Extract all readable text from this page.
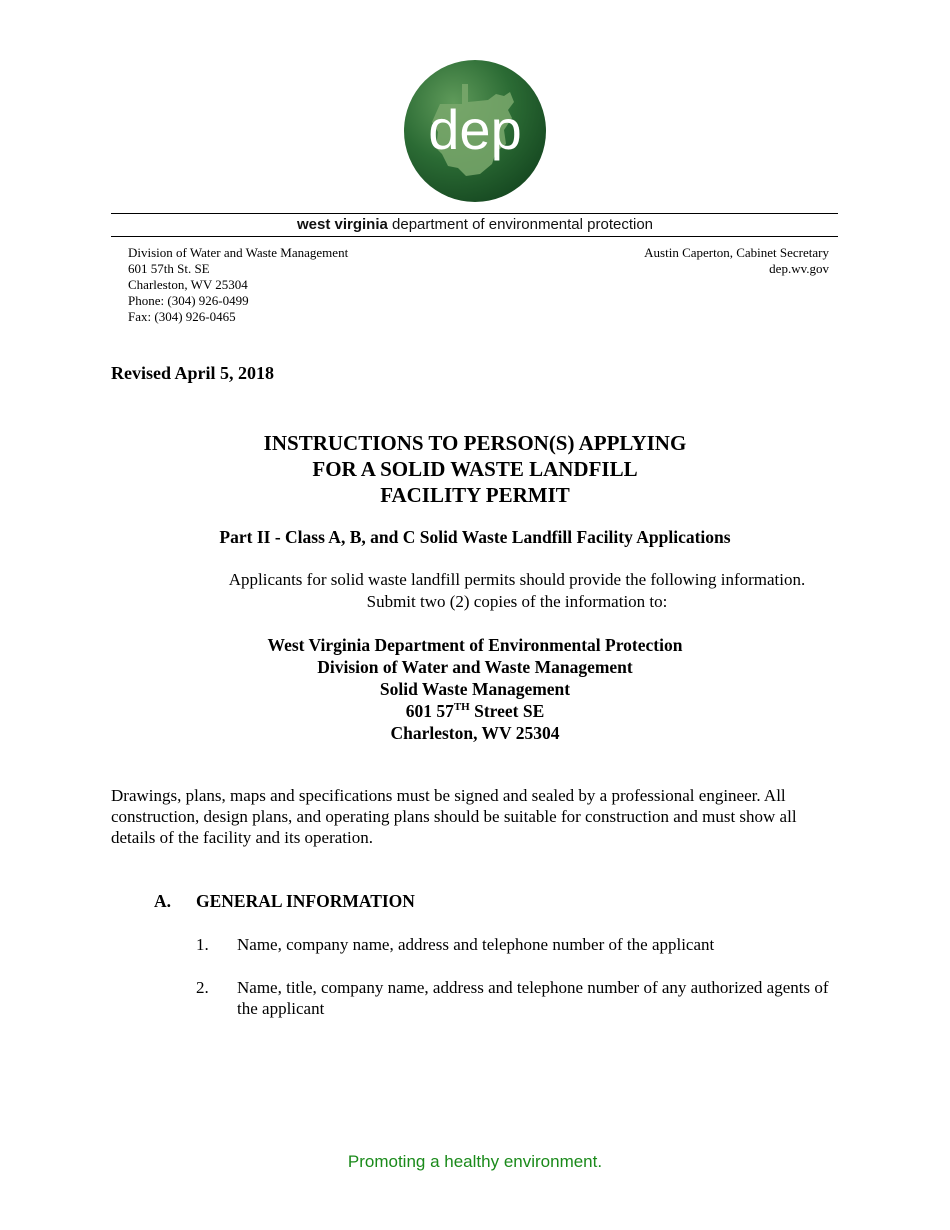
dep
west virginia department of environmental protection
Division of Water and Waste Management
601 57th St. SE
Charleston, WV 25304
Phone: (304) 926-0499
Fax: (304) 926-0465
Austin Caperton, Cabinet Secretary
dep.wv.gov
Revised April 5, 2018
INSTRUCTIONS TO PERSON(S) APPLYING
FOR A SOLID WASTE LANDFILL
FACILITY PERMIT
Part II - Class A, B, and C Solid Waste Landfill Facility Applications
Applicants for solid waste landfill permits should provide the following information.
Submit two (2) copies of the information to:
West Virginia Department of Environmental Protection
Division of Water and Waste Management
Solid Waste Management
601 57TH Street SE
Charleston, WV 25304
Drawings, plans, maps and specifications must be signed and sealed by a professional engineer. All construction, design plans, and operating plans should be suitable for construction and must show all details of the facility and its operation.
A. GENERAL INFORMATION
1. Name, company name, address and telephone number of the applicant
2. Name, title, company name, address and telephone number of any authorized agents of the applicant
Promoting a healthy environment.
